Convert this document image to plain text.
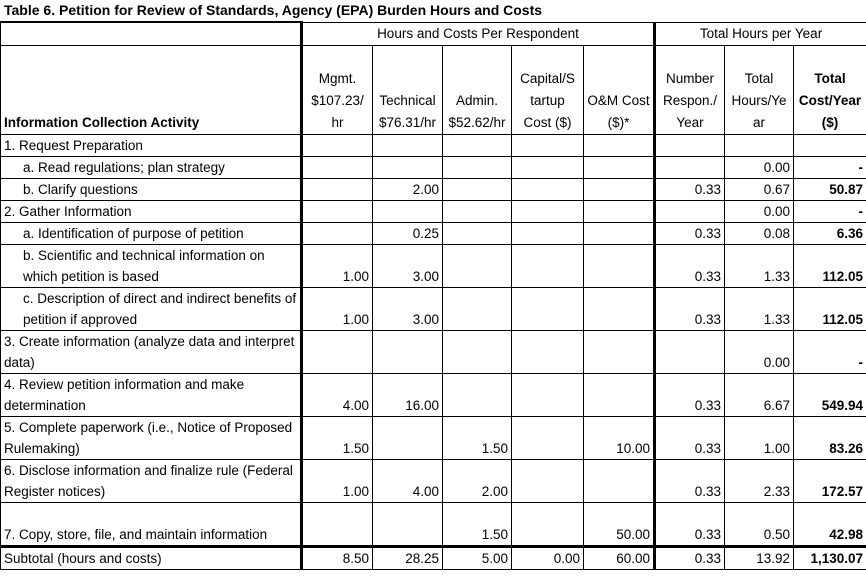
Table 6. Petition for Review of Standards, Agency (EPA) Burden Hours and Costs
	Hours and Costs Per Respondent					Total Hours per Year		
Information Collection Activity	Mgmt. $107.23/ hr	Technical $76.31/hr	Admin. $52.62/hr	Capital/S tartup Cost ($)	O&M Cost ($)*	Number Respon./ Year	Total Hours/Ye ar	Total Cost/Year ($)
1. Request Preparation								
a. Read regulations; plan strategy							0.00	-
b. Clarify questions		2.00				0.33	0.67	50.87
2. Gather Information							0.00	-
a. Identification of purpose of petition		0.25				0.33	0.08	6.36
b. Scientific and technical information on which petition is based	1.00	3.00				0.33	1.33	112.05
c. Description of direct and indirect benefits of petition if approved	1.00	3.00				0.33	1.33	112.05
3. Create information (analyze data and interpret data)							0.00	-
4. Review petition information and make determination	4.00	16.00				0.33	6.67	549.94
5. Complete paperwork (i.e., Notice of Proposed Rulemaking)	1.50		1.50		10.00	0.33	1.00	83.26
6. Disclose information and finalize rule (Federal Register notices)	1.00	4.00	2.00			0.33	2.33	172.57
7. Copy, store, file, and maintain information			1.50		50.00	0.33	0.50	42.98
Subtotal (hours and costs)	8.50	28.25	5.00	0.00	60.00	0.33	13.92	1,130.07
